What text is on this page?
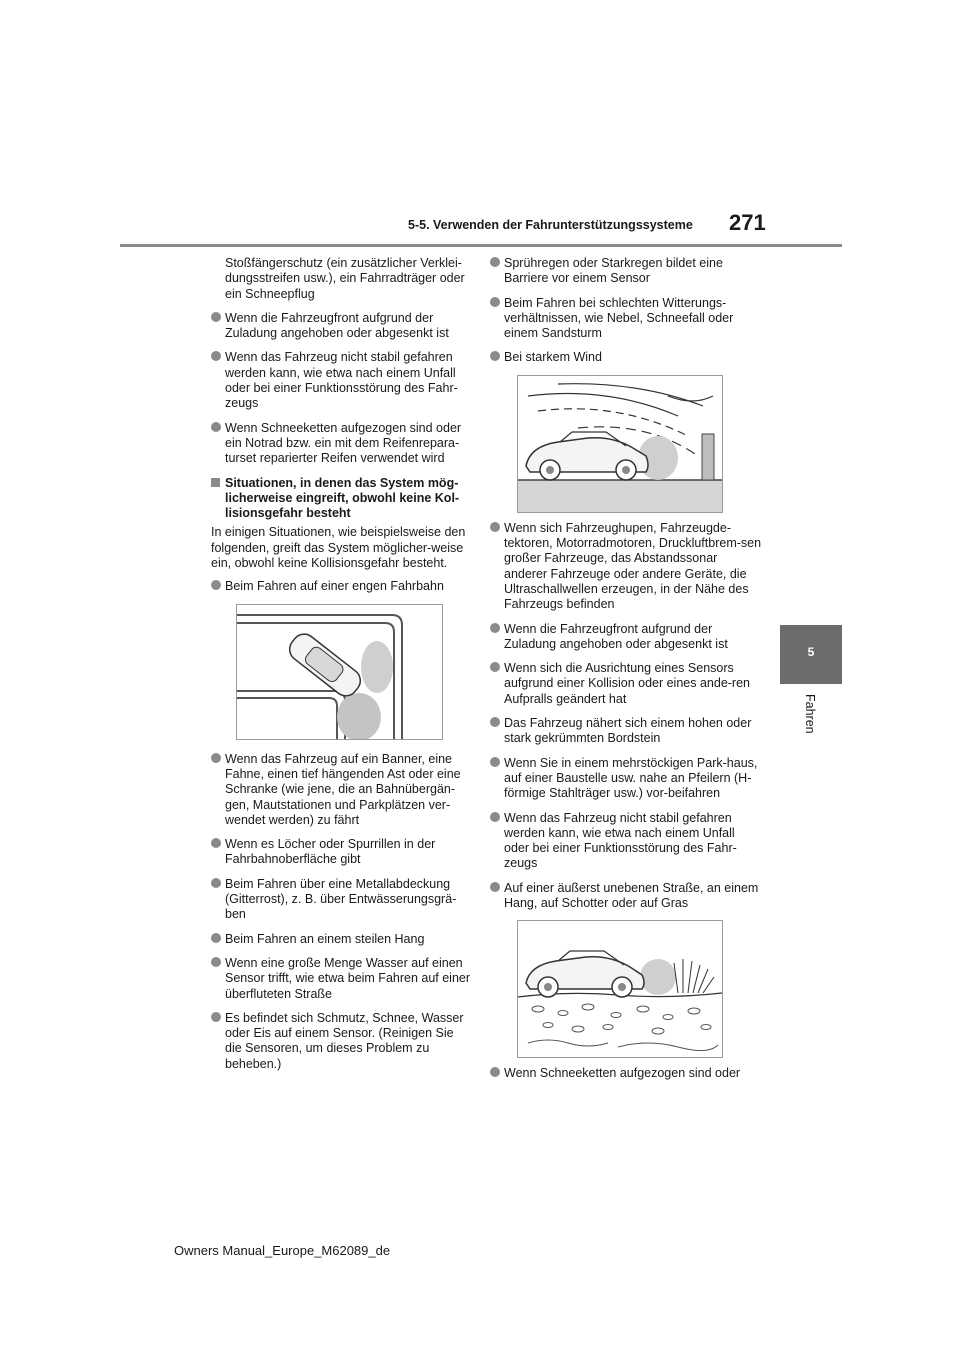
5-5. Verwenden der Fahrunterstützungssysteme 271
5
Fahren
Stoßfängerschutz (ein zusätzlicher Verklei-dungsstreifen usw.), ein Fahrradträger oder ein Schneepflug
Wenn die Fahrzeugfront aufgrund der Zuladung angehoben oder abgesenkt ist
Wenn das Fahrzeug nicht stabil gefahren werden kann, wie etwa nach einem Unfall oder bei einer Funktionsstörung des Fahr-zeugs
Wenn Schneeketten aufgezogen sind oder ein Notrad bzw. ein mit dem Reifenrepara-turset reparierter Reifen verwendet wird
Situationen, in denen das System mög-licherweise eingreift, obwohl keine Kol-lisionsgefahr besteht
In einigen Situationen, wie beispielsweise den folgenden, greift das System möglicher-weise ein, obwohl keine Kollisionsgefahr besteht.
Beim Fahren auf einer engen Fahrbahn
Wenn das Fahrzeug auf ein Banner, eine Fahne, einen tief hängenden Ast oder eine Schranke (wie jene, die an Bahnübergän-gen, Mautstationen und Parkplätzen ver-wendet werden) zu fährt
Wenn es Löcher oder Spurrillen in der Fahrbahnoberfläche gibt
Beim Fahren über eine Metallabdeckung (Gitterrost), z. B. über Entwässerungsgrä-ben
Beim Fahren an einem steilen Hang
Wenn eine große Menge Wasser auf einen Sensor trifft, wie etwa beim Fahren auf einer überfluteten Straße
Es befindet sich Schmutz, Schnee, Wasser oder Eis auf einem Sensor. (Reinigen Sie die Sensoren, um dieses Problem zu beheben.)
Sprühregen oder Starkregen bildet eine Barriere vor einem Sensor
Beim Fahren bei schlechten Witterungs-verhältnissen, wie Nebel, Schneefall oder einem Sandsturm
Bei starkem Wind
Wenn sich Fahrzeughupen, Fahrzeugde-tektoren, Motorradmotoren, Druckluftbrem-sen großer Fahrzeuge, das Abstandssonar anderer Fahrzeuge oder andere Geräte, die Ultraschallwellen erzeugen, in der Nähe des Fahrzeugs befinden
Wenn die Fahrzeugfront aufgrund der Zuladung angehoben oder abgesenkt ist
Wenn sich die Ausrichtung eines Sensors aufgrund einer Kollision oder eines ande-ren Aufpralls geändert hat
Das Fahrzeug nähert sich einem hohen oder stark gekrümmten Bordstein
Wenn Sie in einem mehrstöckigen Park-haus, auf einer Baustelle usw. nahe an Pfeilern (H-förmige Stahlträger usw.) vor-beifahren
Wenn das Fahrzeug nicht stabil gefahren werden kann, wie etwa nach einem Unfall oder bei einer Funktionsstörung des Fahr-zeugs
Auf einer äußerst unebenen Straße, an einem Hang, auf Schotter oder auf Gras
Wenn Schneeketten aufgezogen sind oder
Owners Manual_Europe_M62089_de
